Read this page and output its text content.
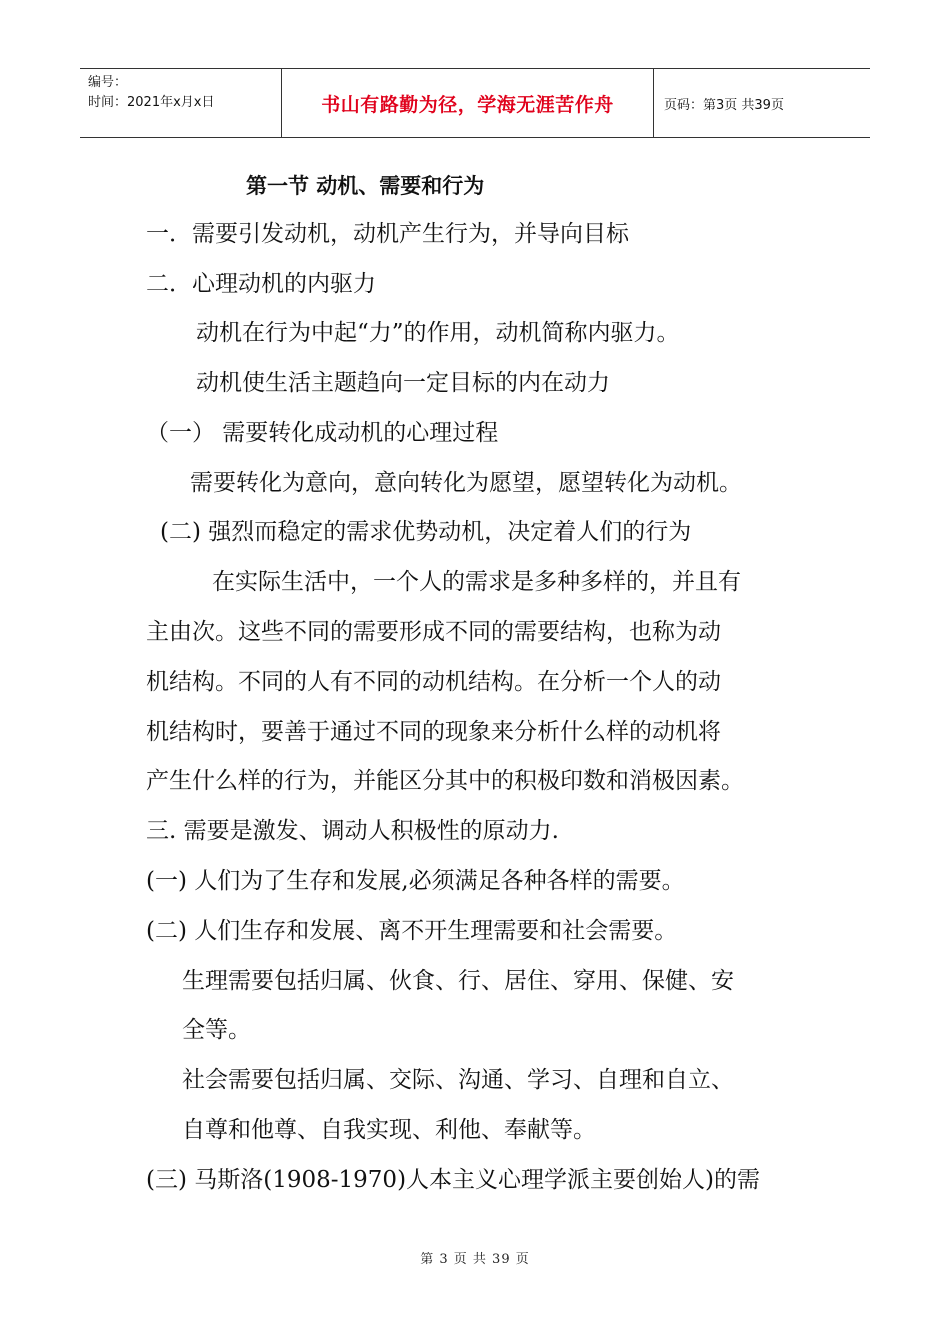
编号：
时间：2021年x月x日	书山有路勤为径，学海无涯苦作舟	页码：第3页 共39页
第一节 动机、需要和行为
一．需要引发动机，动机产生行为，并导向目标
二．心理动机的内驱力
动机在行为中起“力”的作用，动机简称内驱力。
动机使生活主题趋向一定目标的内在动力
（一） 需要转化成动机的心理过程
需要转化为意向，意向转化为愿望，愿望转化为动机。
(二) 强烈而稳定的需求优势动机，决定着人们的行为
在实际生活中，一个人的需求是多种多样的，并且有
主由次。这些不同的需要形成不同的需要结构，也称为动
机结构。不同的人有不同的动机结构。在分析一个人的动
机结构时，要善于通过不同的现象来分析什么样的动机将
产生什么样的行为，并能区分其中的积极印数和消极因素。
三. 需要是激发、调动人积极性的原动力.
(一) 人们为了生存和发展,必须满足各种各样的需要。
(二) 人们生存和发展、离不开生理需要和社会需要。
生理需要包括归属、伙食、行、居住、穿用、保健、安
全等。
社会需要包括归属、交际、沟通、学习、自理和自立、
自尊和他尊、自我实现、利他、奉献等。
(三) 马斯洛(1908-1970)人本主义心理学派主要创始人)的需
第 3 页 共 39 页
